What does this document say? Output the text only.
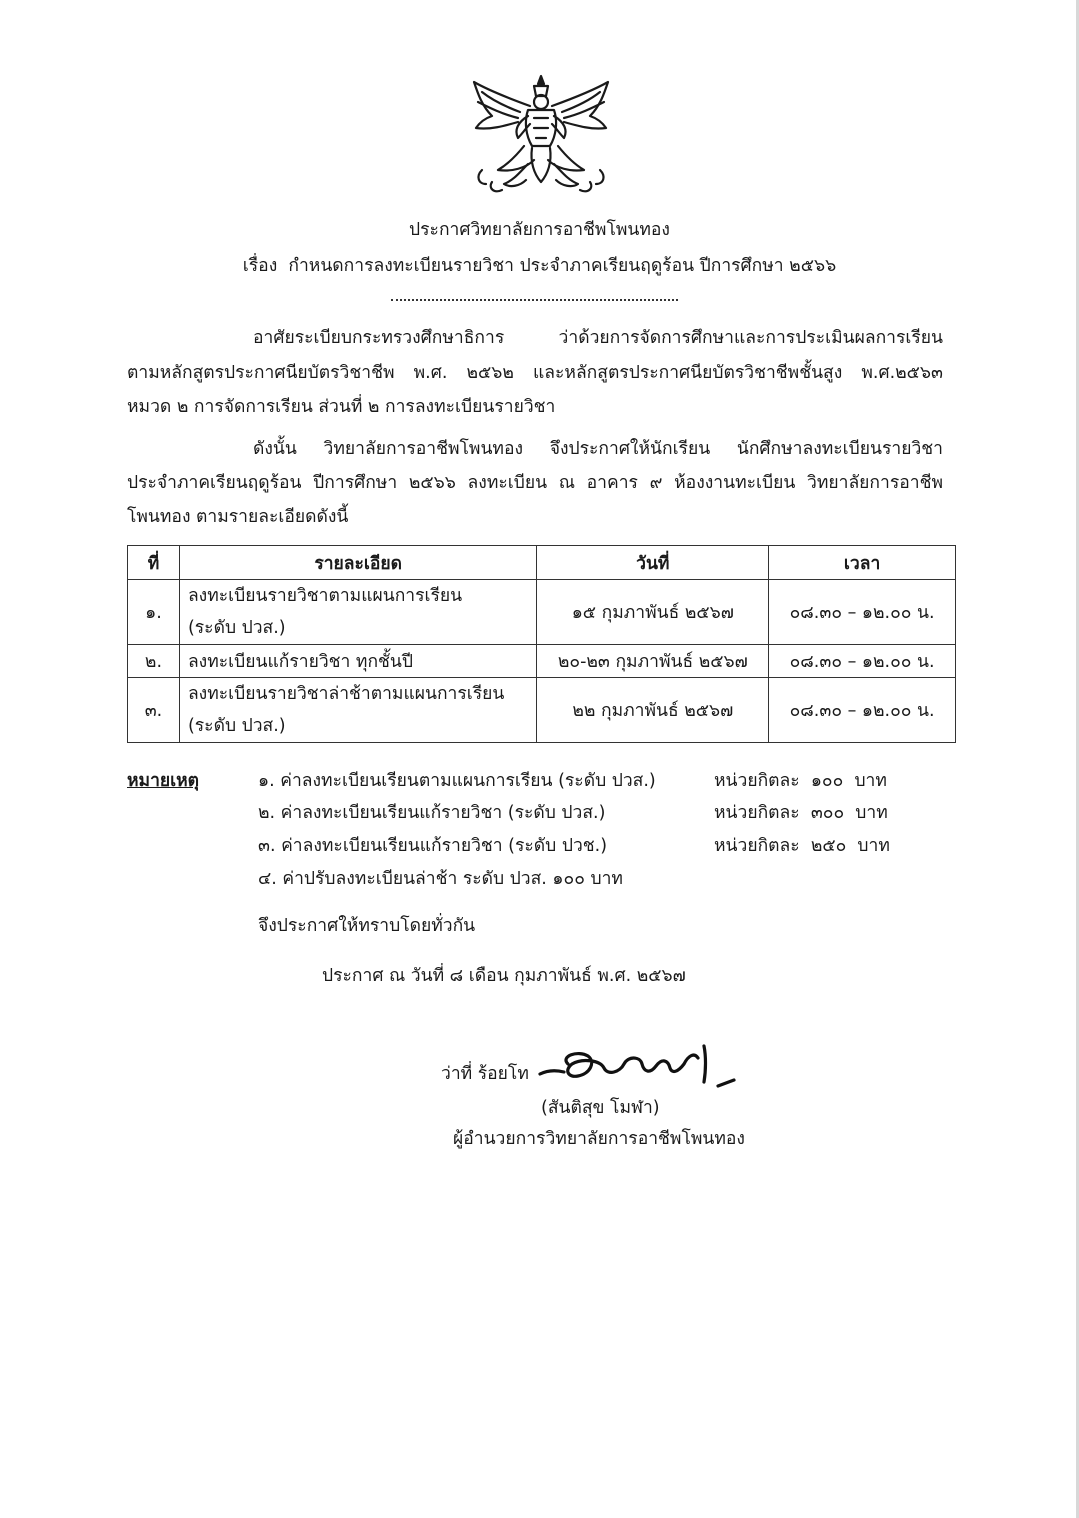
ประกาศวิทยาลัยการอาชีพโพนทอง
เรื่อง กำหนดการลงทะเบียนรายวิชา ประจำภาคเรียนฤดูร้อน ปีการศึกษา ๒๕๖๖
อาศัยระเบียบกระทรวงศึกษาธิการ ว่าด้วยการจัดการศึกษาและการประเมินผลการเรียน
ตามหลักสูตรประกาศนียบัตรวิชาชีพ พ.ศ. ๒๕๖๒ และหลักสูตรประกาศนียบัตรวิชาชีพชั้นสูง พ.ศ.๒๕๖๓
หมวด ๒ การจัดการเรียน ส่วนที่ ๒ การลงทะเบียนรายวิชา
ดังนั้น วิทยาลัยการอาชีพโพนทอง จึงประกาศให้นักเรียน นักศึกษาลงทะเบียนรายวิชา
ประจำภาคเรียนฤดูร้อน ปีการศึกษา ๒๕๖๖ ลงทะเบียน ณ อาคาร ๙ ห้องงานทะเบียน วิทยาลัยการอาชีพ
โพนทอง ตามรายละเอียดดังนี้
ที่	รายละเอียด	วันที่	เวลา
๑.	ลงทะเบียนรายวิชาตามแผนการเรียน
(ระดับ ปวส.)	๑๕ กุมภาพันธ์ ๒๕๖๗	๐๘.๓๐ – ๑๒.๐๐ น.
๒.	ลงทะเบียนแก้รายวิชา ทุกชั้นปี	๒๐-๒๓ กุมภาพันธ์ ๒๕๖๗	๐๘.๓๐ – ๑๒.๐๐ น.
๓.	ลงทะเบียนรายวิชาล่าช้าตามแผนการเรียน
(ระดับ ปวส.)	๒๒ กุมภาพันธ์ ๒๕๖๗	๐๘.๓๐ – ๑๒.๐๐ น.
หมายเหตุ	๑. ค่าลงทะเบียนเรียนตามแผนการเรียน (ระดับ ปวส.)	หน่วยกิตละ ๑๐๐ บาท
๒. ค่าลงทะเบียนเรียนแก้รายวิชา (ระดับ ปวส.)	หน่วยกิตละ ๓๐๐ บาท
๓. ค่าลงทะเบียนเรียนแก้รายวิชา (ระดับ ปวช.)	หน่วยกิตละ ๒๕๐ บาท
๔. ค่าปรับลงทะเบียนล่าช้า ระดับ ปวส. ๑๐๐ บาท
จึงประกาศให้ทราบโดยทั่วกัน
ประกาศ ณ วันที่ ๘ เดือน กุมภาพันธ์ พ.ศ. ๒๕๖๗
ว่าที่ ร้อยโท
(สันติสุข โมฬา)
ผู้อำนวยการวิทยาลัยการอาชีพโพนทอง
